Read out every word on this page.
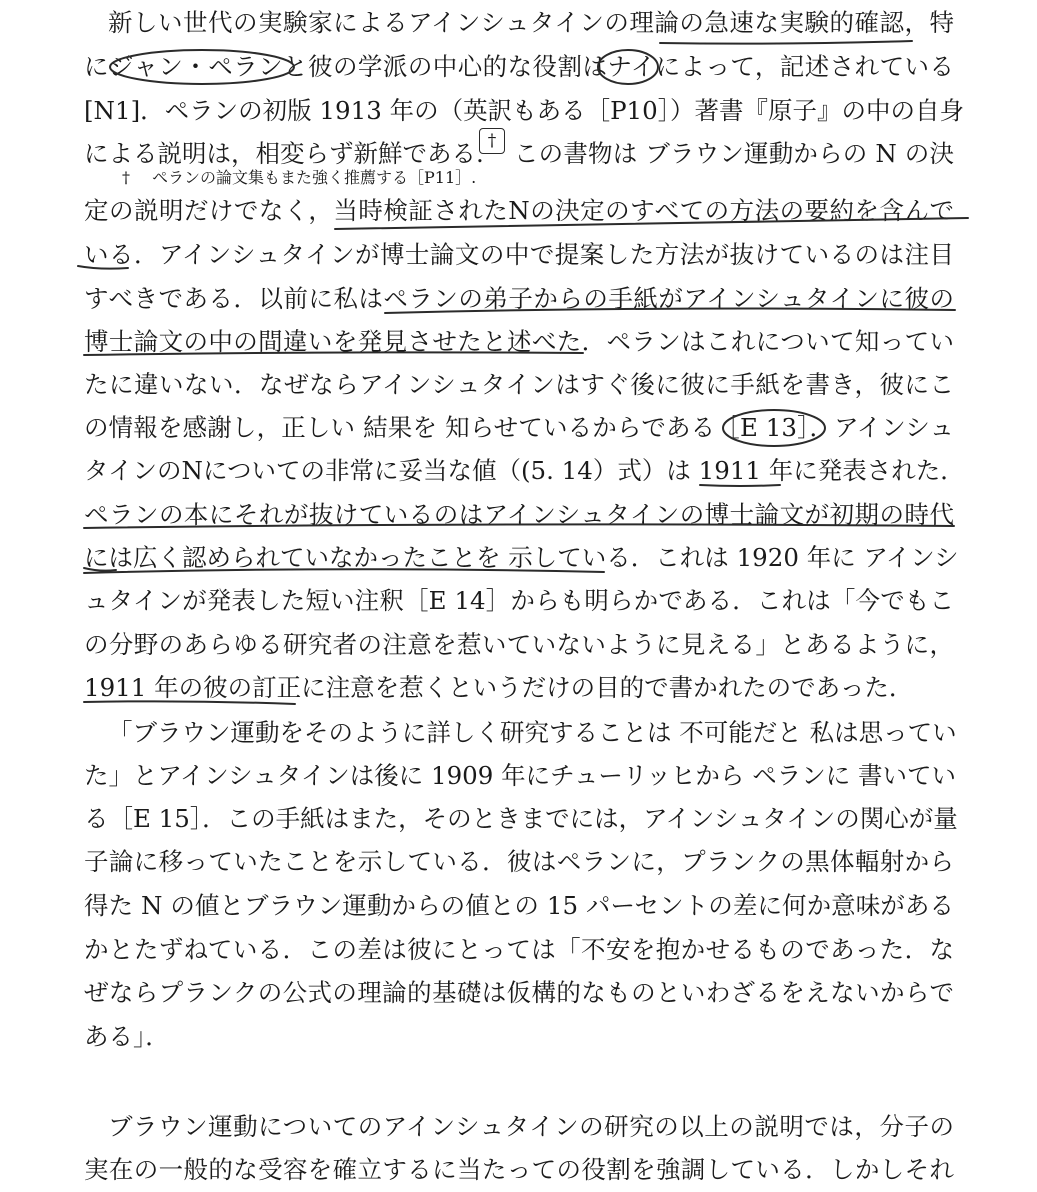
新しい世代の実験家によるアインシュタインの理論の急速な実験的確認，特
にジャン・ペランと彼の学派の中心的な役割はナイによって，記述されている
[N1]．ペランの初版 1913 年の（英訳もある［P10］）著書『原子』の中の自身
による説明は，相変らず新鮮である. † この書物は ブラウン運動からの N の決
†	ペランの論文集もまた強く推薦する［P11］.
定の説明だけでなく，当時検証されたNの決定のすべての方法の要約を含んで
いる．アインシュタインが博士論文の中で提案した方法が抜けているのは注目
すべきである．以前に私はペランの弟子からの手紙がアインシュタインに彼の
博士論文の中の間違いを発見させたと述べた．ペランはこれについて知ってい
たに違いない．なぜならアインシュタインはすぐ後に彼に手紙を書き，彼にこ
の情報を感謝し，正しい 結果を 知らせているからである［E 13］．アインシュ
タインのNについての非常に妥当な値（(5. 14）式）は 1911 年に発表された．
ペランの本にそれが抜けているのはアインシュタインの博士論文が初期の時代
には広く認められていなかったことを 示している．これは 1920 年に アインシ
ュタインが発表した短い注釈［E 14］からも明らかである．これは「今でもこ
の分野のあらゆる研究者の注意を惹いていないように見える」とあるように，
1911 年の彼の訂正に注意を惹くというだけの目的で書かれたのであった．
「ブラウン運動をそのように詳しく研究することは 不可能だと 私は思ってい
た」とアインシュタインは後に 1909 年にチューリッヒから ペランに 書いてい
る［E 15］．この手紙はまた，そのときまでには，アインシュタインの関心が量
子論に移っていたことを示している．彼はペランに，プランクの黒体輻射から
得た N の値とブラウン運動からの値との 15 パーセントの差に何か意味がある
かとたずねている．この差は彼にとっては「不安を抱かせるものであった．な
ぜならプランクの公式の理論的基礎は仮構的なものといわざるをえないからで
ある」．
ブラウン運動についてのアインシュタインの研究の以上の説明では，分子の
実在の一般的な受容を確立するに当たっての役割を強調している．しかしそれ
